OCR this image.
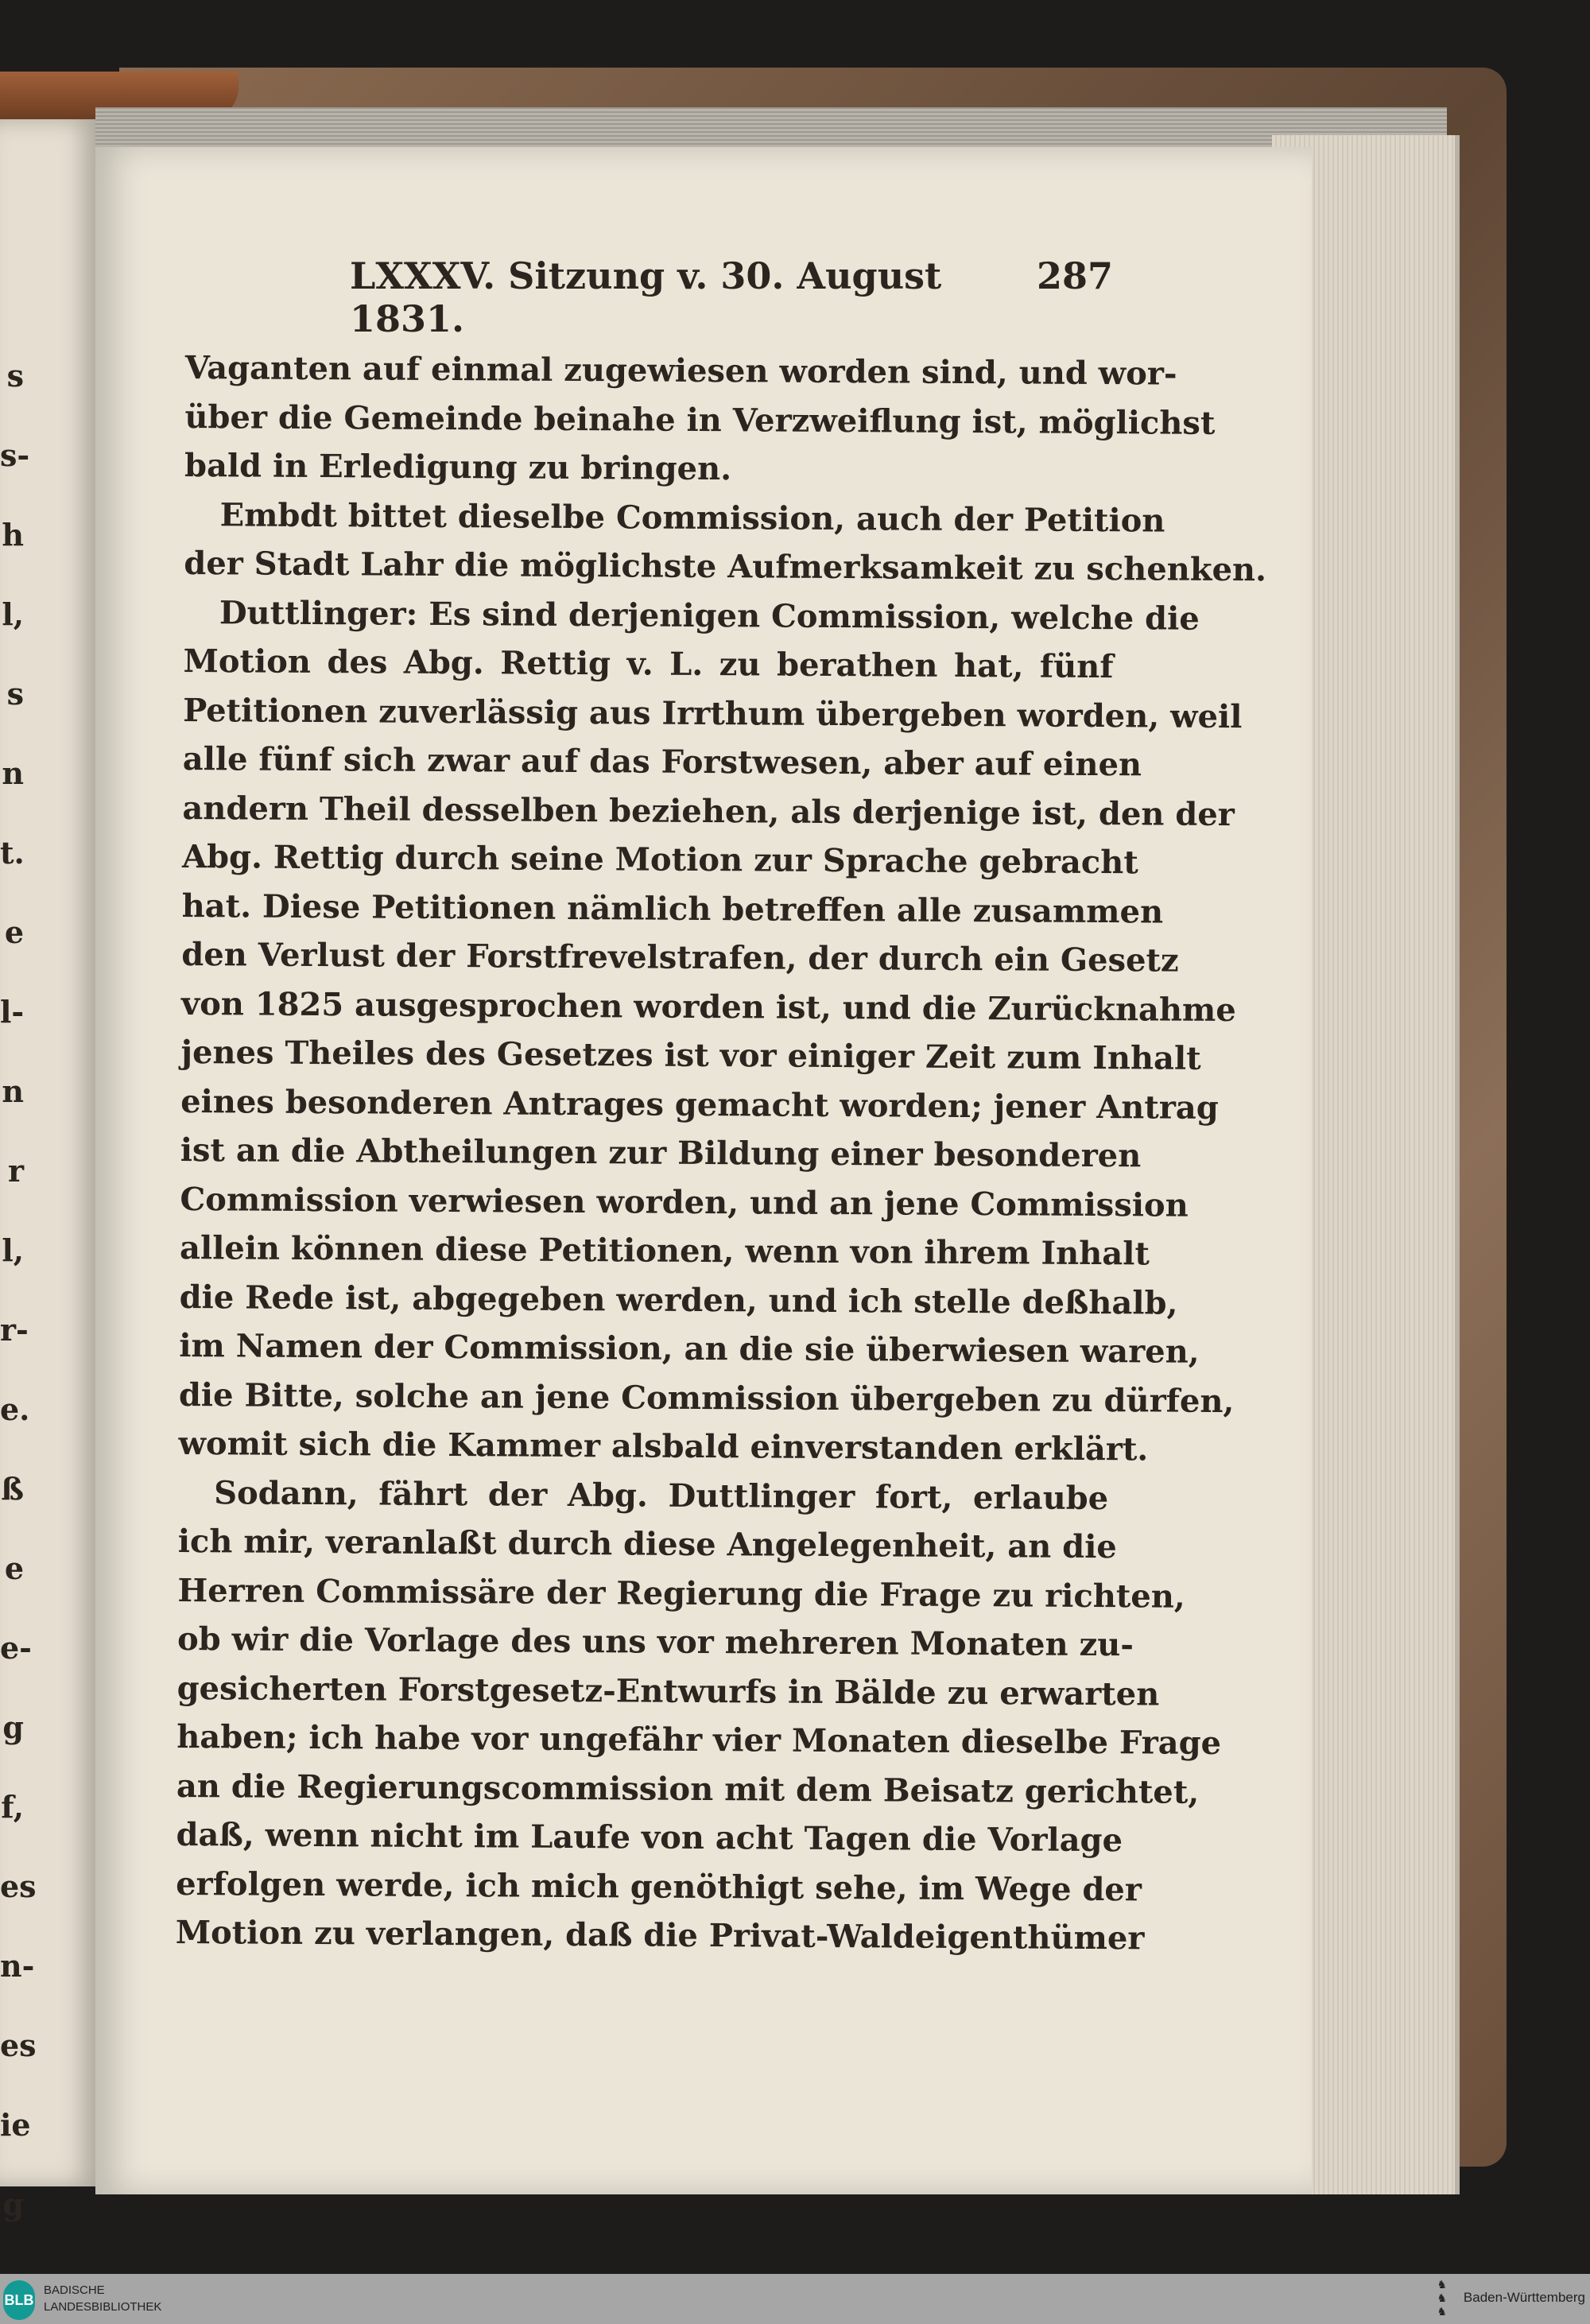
s
s-
h
l,
s
n
t.
e
l-
n
r
l,
r-
e.
ß
e
e-
g
f,
es
n-
es
ie
g
LXXXV. Sitzung v. 30. August 1831.
287
Vaganten auf einmal zugewiesen worden sind, und wor-
über die Gemeinde beinahe in Verzweiflung ist, möglichst
bald in Erledigung zu bringen.
Embdt bittet dieselbe Commission, auch der Petition
der Stadt Lahr die möglichste Aufmerksamkeit zu schenken.
Duttlinger: Es sind derjenigen Commission, welche die
Motion des Abg. Rettig v. L. zu berathen hat, fünf
Petitionen zuverlässig aus Irrthum übergeben worden, weil
alle fünf sich zwar auf das Forstwesen, aber auf einen
andern Theil desselben beziehen, als derjenige ist, den der
Abg. Rettig durch seine Motion zur Sprache gebracht
hat. Diese Petitionen nämlich betreffen alle zusammen
den Verlust der Forstfrevelstrafen, der durch ein Gesetz
von 1825 ausgesprochen worden ist, und die Zurücknahme
jenes Theiles des Gesetzes ist vor einiger Zeit zum Inhalt
eines besonderen Antrages gemacht worden; jener Antrag
ist an die Abtheilungen zur Bildung einer besonderen
Commission verwiesen worden, und an jene Commission
allein können diese Petitionen, wenn von ihrem Inhalt
die Rede ist, abgegeben werden, und ich stelle deßhalb,
im Namen der Commission, an die sie überwiesen waren,
die Bitte, solche an jene Commission übergeben zu dürfen,
womit sich die Kammer alsbald einverstanden erklärt.
Sodann, fährt der Abg. Duttlinger fort, erlaube
ich mir, veranlaßt durch diese Angelegenheit, an die
Herren Commissäre der Regierung die Frage zu richten,
ob wir die Vorlage des uns vor mehreren Monaten zu-
gesicherten Forstgesetz-Entwurfs in Bälde zu erwarten
haben; ich habe vor ungefähr vier Monaten dieselbe Frage
an die Regierungscommission mit dem Beisatz gerichtet,
daß, wenn nicht im Laufe von acht Tagen die Vorlage
erfolgen werde, ich mich genöthigt sehe, im Wege der
Motion zu verlangen, daß die Privat-Waldeigenthümer
BLB
BADISCHE
LANDESBIBLIOTHEK
♞
♞
♞
Baden-Württemberg
